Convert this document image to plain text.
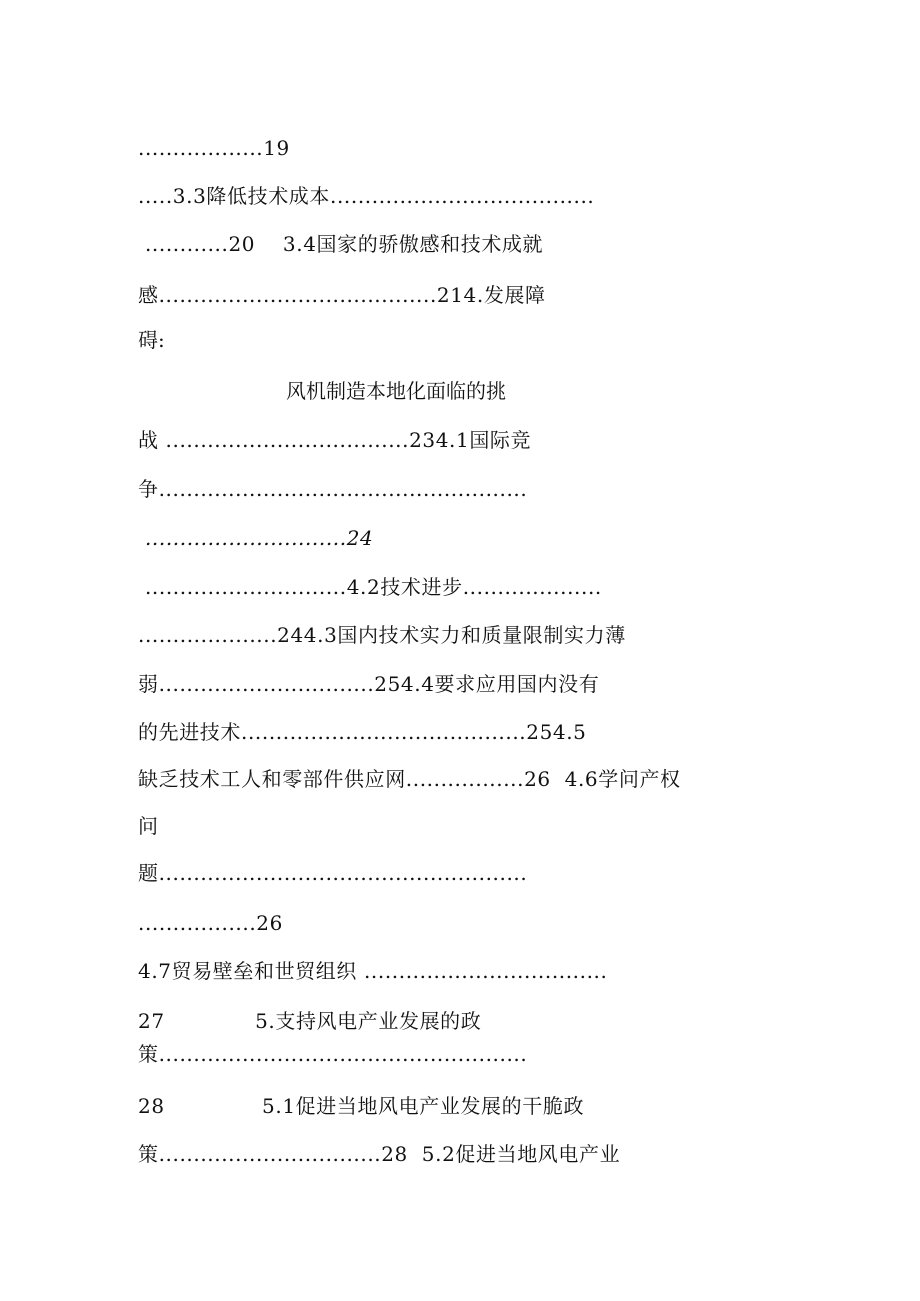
..................19
.....3.3降低技术成本......................................
............20    3.4国家的骄傲感和技术成就
感........................................214.发展障
碍:
风机制造本地化面临的挑
战 ...................................234.1国际竞
争.....................................................
.............................24
.............................4.2技术进步....................
....................244.3国内技术实力和质量限制实力薄
弱...............................254.4要求应用国内没有
的先进技术.........................................254.5
缺乏技术工人和零部件供应网.................26  4.6学问产权
问
题.....................................................
.................26
4.7贸易壁垒和世贸组织 ...................................
27             5.支持风电产业发展的政
策.....................................................
28              5.1促进当地风电产业发展的干脆政
策................................28  5.2促进当地风电产业
